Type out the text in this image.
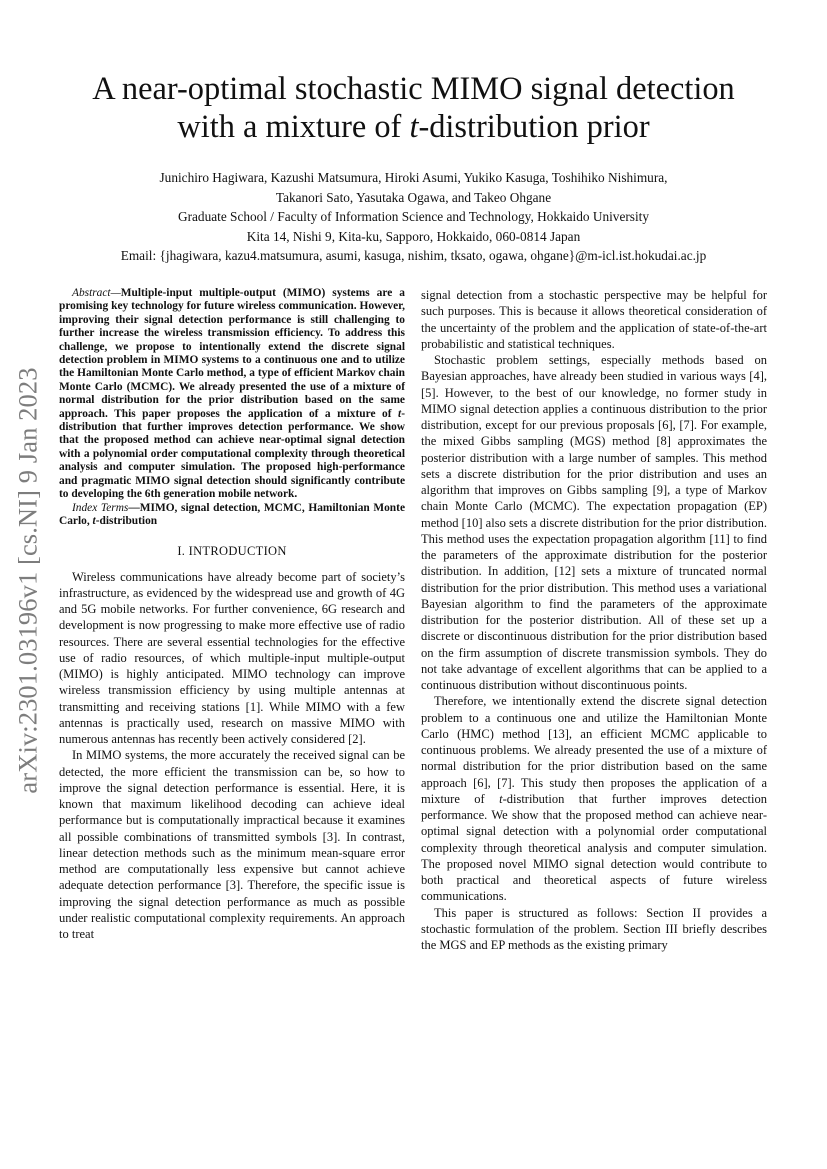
arXiv:2301.03196v1 [cs.NI] 9 Jan 2023
A near-optimal stochastic MIMO signal detection
with a mixture of t-distribution prior
Junichiro Hagiwara, Kazushi Matsumura, Hiroki Asumi, Yukiko Kasuga, Toshihiko Nishimura,
Takanori Sato, Yasutaka Ogawa, and Takeo Ohgane
Graduate School / Faculty of Information Science and Technology, Hokkaido University
Kita 14, Nishi 9, Kita-ku, Sapporo, Hokkaido, 060-0814 Japan
Email: {jhagiwara, kazu4.matsumura, asumi, kasuga, nishim, tksato, ogawa, ohgane}@m-icl.ist.hokudai.ac.jp

Abstract—Multiple-input multiple-output (MIMO) systems are a promising key technology for future wireless communication. However, improving their signal detection performance is still challenging to further increase the wireless transmission efficiency. To address this challenge, we propose to intentionally extend the discrete signal detection problem in MIMO systems to a continuous one and to utilize the Hamiltonian Monte Carlo method, a type of efficient Markov chain Monte Carlo (MCMC). We already presented the use of a mixture of normal distribution for the prior distribution based on the same approach. This paper proposes the application of a mixture of t-distribution that further improves detection performance. We show that the proposed method can achieve near-optimal signal detection with a polynomial order computational complexity through theoretical analysis and computer simulation. The proposed high-performance and pragmatic MIMO signal detection should significantly contribute to developing the 6th generation mobile network.

Index Terms—MIMO, signal detection, MCMC, Hamiltonian Monte Carlo, t-distribution

I. INTRODUCTION

Wireless communications have already become part of society’s infrastructure, as evidenced by the widespread use and growth of 4G and 5G mobile networks. For further convenience, 6G research and development is now progressing to make more effective use of radio resources. There are several essential technologies for the effective use of radio resources, of which multiple-input multiple-output (MIMO) is highly anticipated. MIMO technology can improve wireless transmission efficiency by using multiple antennas at transmitting and receiving stations [1]. While MIMO with a few antennas is practically used, research on massive MIMO with numerous antennas has recently been actively considered [2].

In MIMO systems, the more accurately the received signal can be detected, the more efficient the transmission can be, so how to improve the signal detection performance is essential. Here, it is known that maximum likelihood decoding can achieve ideal performance but is computationally impractical because it examines all possible combinations of transmitted symbols [3]. In contrast, linear detection methods such as the minimum mean-square error method are computationally less expensive but cannot achieve adequate detection performance [3]. Therefore, the specific issue is improving the signal detection performance as much as possible under realistic computational complexity requirements. An approach to treat

signal detection from a stochastic perspective may be helpful for such purposes. This is because it allows theoretical consideration of the uncertainty of the problem and the application of state-of-the-art probabilistic and statistical techniques.

Stochastic problem settings, especially methods based on Bayesian approaches, have already been studied in various ways [4], [5]. However, to the best of our knowledge, no former study in MIMO signal detection applies a continuous distribution to the prior distribution, except for our previous proposals [6], [7]. For example, the mixed Gibbs sampling (MGS) method [8] approximates the posterior distribution with a large number of samples. This method sets a discrete distribution for the prior distribution and uses an algorithm that improves on Gibbs sampling [9], a type of Markov chain Monte Carlo (MCMC). The expectation propagation (EP) method [10] also sets a discrete distribution for the prior distribution. This method uses the expectation propagation algorithm [11] to find the parameters of the approximate distribution for the posterior distribution. In addition, [12] sets a mixture of truncated normal distribution for the prior distribution. This method uses a variational Bayesian algorithm to find the parameters of the approximate distribution for the posterior distribution. All of these set up a discrete or discontinuous distribution for the prior distribution based on the firm assumption of discrete transmission symbols. They do not take advantage of excellent algorithms that can be applied to a continuous distribution without discontinuous points.

Therefore, we intentionally extend the discrete signal detection problem to a continuous one and utilize the Hamiltonian Monte Carlo (HMC) method [13], an efficient MCMC applicable to continuous problems. We already presented the use of a mixture of normal distribution for the prior distribution based on the same approach [6], [7]. This study then proposes the application of a mixture of t-distribution that further improves detection performance. We show that the proposed method can achieve near-optimal signal detection with a polynomial order computational complexity through theoretical analysis and computer simulation. The proposed novel MIMO signal detection would contribute to both practical and theoretical aspects of future wireless communications.

This paper is structured as follows: Section II provides a stochastic formulation of the problem. Section III briefly describes the MGS and EP methods as the existing primary
